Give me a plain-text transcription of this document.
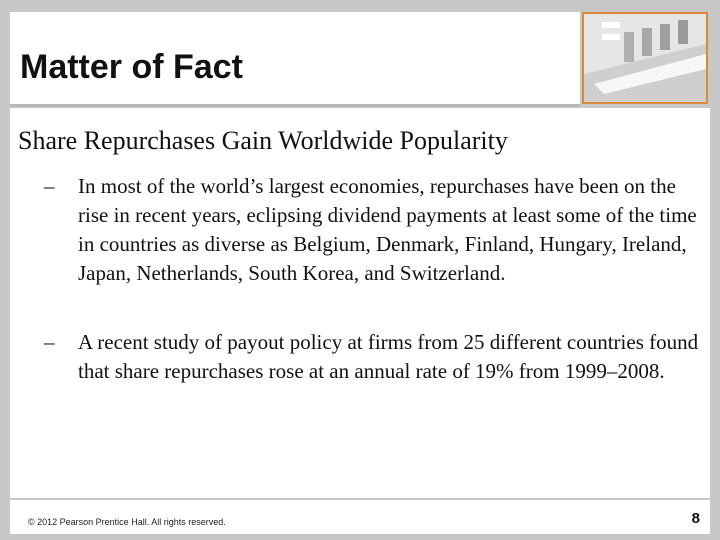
Matter of Fact
Share Repurchases Gain Worldwide Popularity
– In most of the world’s largest economies, repurchases have been on the rise in recent years, eclipsing dividend payments at least some of the time in countries as diverse as Belgium, Denmark, Finland, Hungary, Ireland, Japan, Netherlands, South Korea, and Switzerland.
– A recent study of payout policy at firms from 25 different countries found that share repurchases rose at an annual rate of 19% from 1999–2008.
© 2012 Pearson Prentice Hall. All rights reserved.	8
